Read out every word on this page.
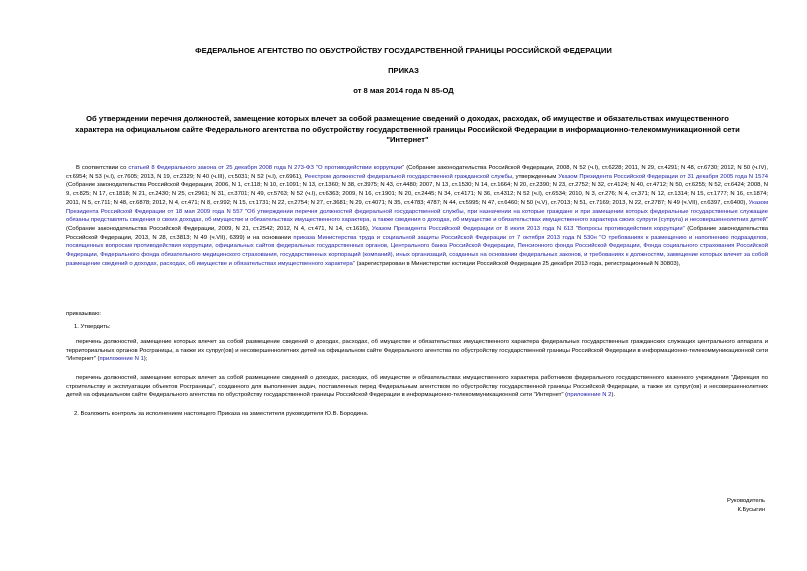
ФЕДЕРАЛЬНОЕ АГЕНТСТВО ПО ОБУСТРОЙСТВУ ГОСУДАРСТВЕННОЙ ГРАНИЦЫ РОССИЙСКОЙ ФЕДЕРАЦИИ
ПРИКАЗ
от 8 мая 2014 года N 85-ОД
Об утверждении перечня должностей, замещение которых влечет за собой размещение сведений о доходах, расходах, об имуществе и обязательствах имущественного характера на официальном сайте Федерального агентства по обустройству государственной границы Российской Федерации в информационно-телекоммуникационной сети "Интернет"
В соответствии со статьей 8 Федерального закона от 25 декабря 2008 года N 273-ФЗ "О противодействии коррупции" (Собрание законодательства Российской Федерации, 2008, N 52 (ч.I), ст.6228; 2011, N 29, ст.4291; N 48, ст.6730; 2012, N 50 (ч.IV), ст.6954; N 53 (ч.I), ст.7605; 2013, N 19, ст.2329; N 40 (ч.III), ст.5031; N 52 (ч.I), ст.6961), Реестром должностей федеральной государственной гражданской службы, утвержденным Указом Президента Российской Федерации от 31 декабря 2005 года N 1574 (Собрание законодательства Российской Федерации, 2006, N 1, ст.118; N 10, ст.1091; N 13, ст.1360; N 38, ст.3975; N 43, ст.4480; 2007, N 13, ст.1530; N 14, ст.1664; N 20, ст.2390; N 23, ст.2752; N 32, ст.4124; N 40, ст.4712; N 50, ст.6255; N 52, ст.6424; 2008, N 9, ст.825; N 17, ст.1818; N 21, ст.2430; N 25, ст.2961; N 31, ст.3701; N 49, ст.5763; N 52 (ч.I), ст.6363; 2009, N 16, ст.1901; N 20, ст.2445; N 34, ст.4171; N 36, ст.4312; N 52 (ч.I), ст.6534; 2010, N 3, ст.276; N 4, ст.371; N 12, ст.1314; N 15, ст.1777; N 16, ст.1874; 2011, N 5, ст.711; N 48, ст.6878; 2012, N 4, ст.471; N 8, ст.992; N 15, ст.1731; N 22, ст.2754; N 27, ст.3681; N 29, ст.4071; N 35, ст.4783; 4787; N 44, ст.5995; N 47, ст.6460; N 50 (ч.V), ст.7013; N 51, ст.7169; 2013, N 22, ст.2787; N 49 (ч.VII), ст.6397, ст.6400), Указом Президента Российской Федерации от 18 мая 2009 года N 557 "Об утверждении перечня должностей федеральной государственной службы, при назначении на которые граждане и при замещении которых федеральные государственные служащие обязаны представлять сведения о своих доходах, об имуществе и обязательствах имущественного характера, а также сведения о доходах, об имуществе и обязательствах имущественного характера своих супруги (супруга) и несовершеннолетних детей" (Собрание законодательства Российской Федерации, 2009, N 21, ст.2542; 2012, N 4, ст.471, N 14, ст.1616), Указом Президента Российской Федерации от 8 июля 2013 года N 613 "Вопросы противодействия коррупции" (Собрание законодательства Российской Федерации, 2013, N 28, ст.3813; N 49 (ч.VII), 6399) и на основании приказа Министерства труда и социальной защиты Российской Федерации от 7 октября 2013 года N 530н "О требованиях к размещению и наполнению подразделов, посвященных вопросам противодействия коррупции, официальных сайтов федеральных государственных органов, Центрального банка Российской Федерации, Пенсионного фонда Российской Федерации, Фонда социального страхования Российской Федерации, Федерального фонда обязательного медицинского страхования, государственных корпораций (компаний), иных организаций, созданных на основании федеральных законов, и требованиях к должностям, замещение которых влечет за собой размещение сведений о доходах, расходах, об имуществе и обязательствах имущественного характера" (зарегистрирован в Министерстве юстиции Российской Федерации 25 декабря 2013 года, регистрационный N 30803),
приказываю:
1. Утвердить:
перечень должностей, замещение которых влечет за собой размещение сведений о доходах, расходах, об имуществе и обязательствах имущественного характера федеральных государственных гражданских служащих центрального аппарата и территориальных органов Росграницы, а также их супруг(ов) и несовершеннолетних детей на официальном сайте Федерального агентства по обустройству государственной границы Российской Федерации в информационно-телекоммуникационной сети "Интернет" (приложение N 1);
перечень должностей, замещение которых влечет за собой размещение сведений о доходах, расходах, об имуществе и обязательствах имущественного характера работников федерального государственного казенного учреждения "Дирекция по строительству и эксплуатации объектов Росграницы", созданного для выполнения задач, поставленных перед Федеральным агентством по обустройству государственной границы Российской Федерации, а также их супруг(ов) и несовершеннолетних детей на официальном сайте Федерального агентства по обустройству государственной границы Российской Федерации в информационно-телекоммуникационной сети "Интернет" (приложение N 2).
2. Возложить контроль за исполнением настоящего Приказа на заместителя руководителя Ю.В. Бородина.
Руководитель
К.Бусыгин
